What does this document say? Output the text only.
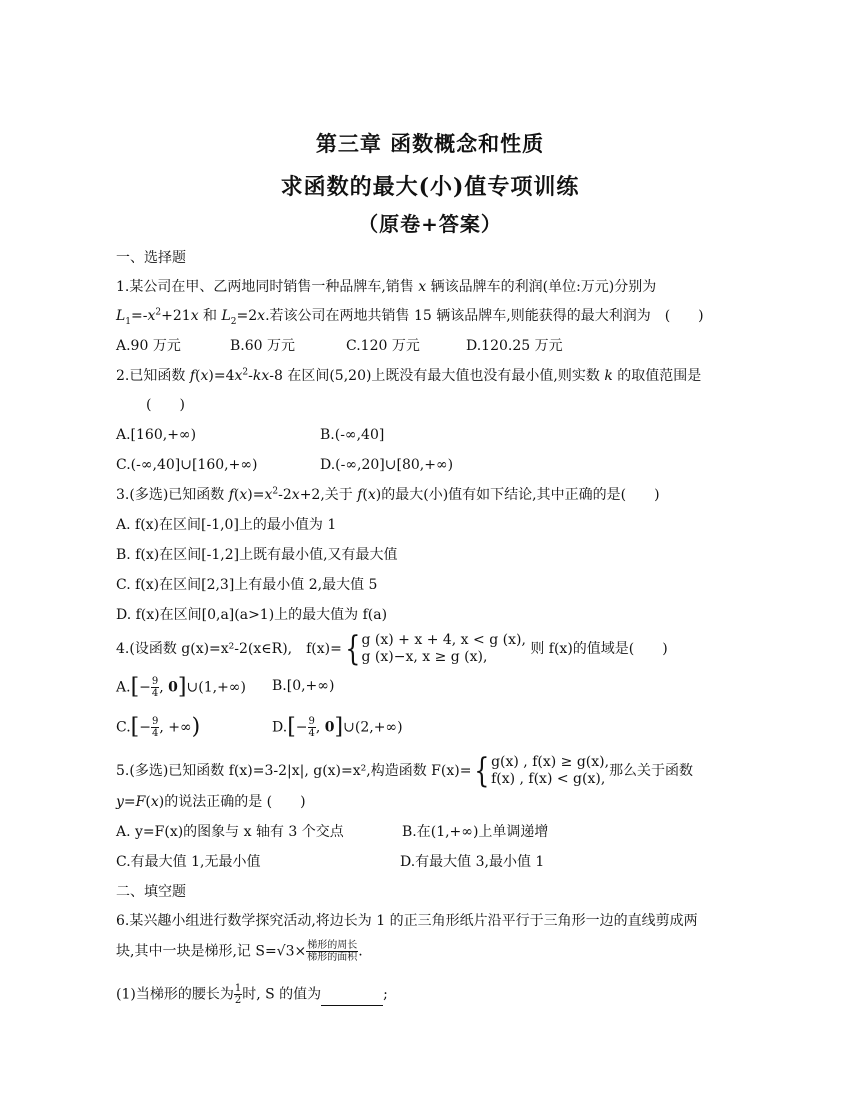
第三章 函数概念和性质
求函数的最大(小)值专项训练
（原卷+答案）
一、选择题
1.某公司在甲、乙两地同时销售一种品牌车,销售 x 辆该品牌车的利润(单位:万元)分别为
$L_1=-x^2+21x$ 和 $L_2=2x$.若该公司在两地共销售 15 辆该品牌车,则能获得的最大利润为　(　　)
A.90 万元	B.60 万元	C.120 万元	D.120.25 万元
2.已知函数 $f(x)=4x^2-kx-8$ 在区间(5,20)上既没有最大值也没有最小值,则实数 k 的取值范围是
(　　)
A.[160,+∞)	B.(-∞,40]
C.(-∞,40]∪[160,+∞)	D.(-∞,20]∪[80,+∞)
3.(多选)已知函数 $f(x)=x^2-2x+2$,关于 f(x)的最大(小)值有如下结论,其中正确的是(　　)
A. f(x)在区间[-1,0]上的最小值为 1
B. f(x)在区间[-1,2]上既有最小值,又有最大值
C. f(x)在区间[2,3]上有最小值 2,最大值 5
D. f(x)在区间[0,a](a>1)上的最大值为 f(a)
4.(设函数 g(x)=x²-2(x∈R),　f(x)={ g (x) + x + 4, x < g (x),
g (x)−x, x ≥ g (x),	则 f(x)的值域是(　　)
$A.[- \frac{9}{4}$ , 0]∪(1,+∞) B.[0,+∞)
$C.[- \frac{9}{4}$ , +∞)	$D.[- \frac{9}{4}$ , 0]∪(2,+∞)
5.(多选)已知函数 f(x)=3-2|x|, g(x)=x²,构造函数 F(x)={ g(x) , f(x) ≥ g(x),
f(x) , f(x) < g(x), 那么关于函数
y=F(x)的说法正确的是 (　　)
A. y=F(x)的图象与 x 轴有 3 个交点	B.在(1,+∞)上单调递增
C.有最大值 1,无最小值	D.有最大值 3,最小值 1
二、填空题
6.某兴趣小组进行数学探究活动,将边长为 1 的正三角形纸片沿平行于三角形一边的直线剪成两
块,其中一块是梯形,记 $S=√3\times \frac{\text{梯形的周长}}{\text{梯形的面积}}$ .
(1)当梯形的腰长为 $\frac{1}{2}$ 时, S 的值为	;
